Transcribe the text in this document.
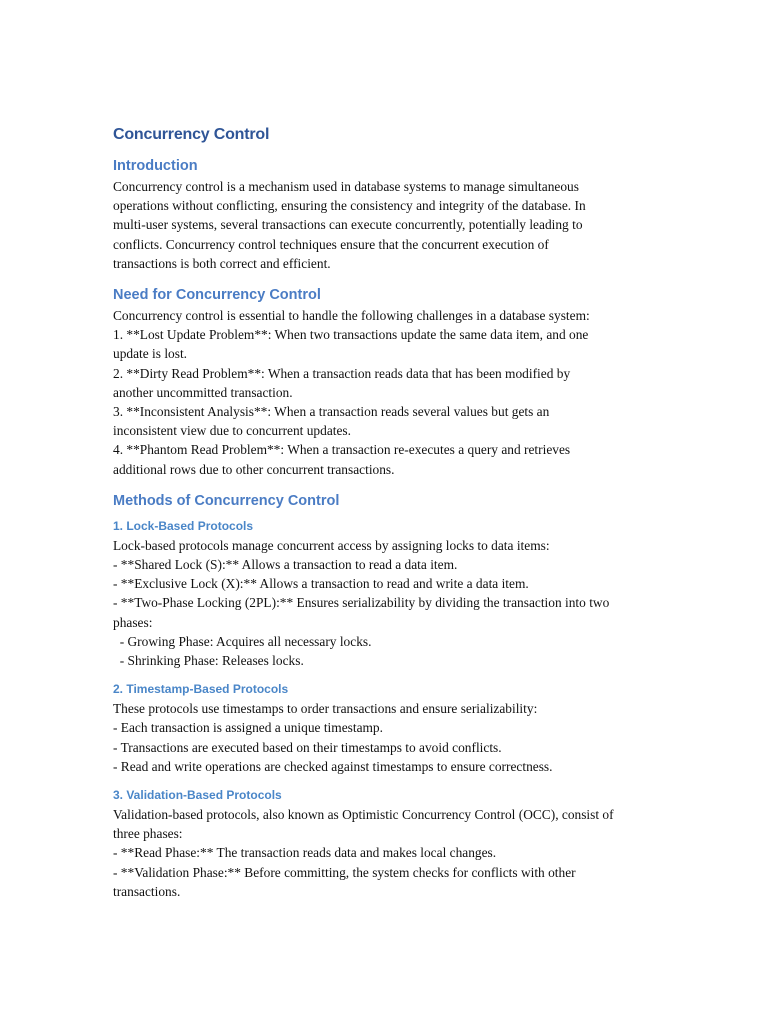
Concurrency Control
Introduction

Concurrency control is a mechanism used in database systems to manage simultaneous
operations without conflicting, ensuring the consistency and integrity of the database. In
multi-user systems, several transactions can execute concurrently, potentially leading to
conflicts. Concurrency control techniques ensure that the concurrent execution of
transactions is both correct and efficient.

Need for Concurrency Control

Concurrency control is essential to handle the following challenges in a database system:
1. **Lost Update Problem**: When two transactions update the same data item, and one
update is lost.
2. **Dirty Read Problem**: When a transaction reads data that has been modified by
another uncommitted transaction.
3. **Inconsistent Analysis**: When a transaction reads several values but gets an
inconsistent view due to concurrent updates.
4. **Phantom Read Problem**: When a transaction re-executes a query and retrieves
additional rows due to other concurrent transactions.

Methods of Concurrency Control
1. Lock-Based Protocols

Lock-based protocols manage concurrent access by assigning locks to data items:
- **Shared Lock (S):** Allows a transaction to read a data item.
- **Exclusive Lock (X):** Allows a transaction to read and write a data item.
- **Two-Phase Locking (2PL):** Ensures serializability by dividing the transaction into two
phases:
- Growing Phase: Acquires all necessary locks.
- Shrinking Phase: Releases locks.

2. Timestamp-Based Protocols

These protocols use timestamps to order transactions and ensure serializability:
- Each transaction is assigned a unique timestamp.
- Transactions are executed based on their timestamps to avoid conflicts.
- Read and write operations are checked against timestamps to ensure correctness.

3. Validation-Based Protocols

Validation-based protocols, also known as Optimistic Concurrency Control (OCC), consist of
three phases:
- **Read Phase:** The transaction reads data and makes local changes.
- **Validation Phase:** Before committing, the system checks for conflicts with other
transactions.
